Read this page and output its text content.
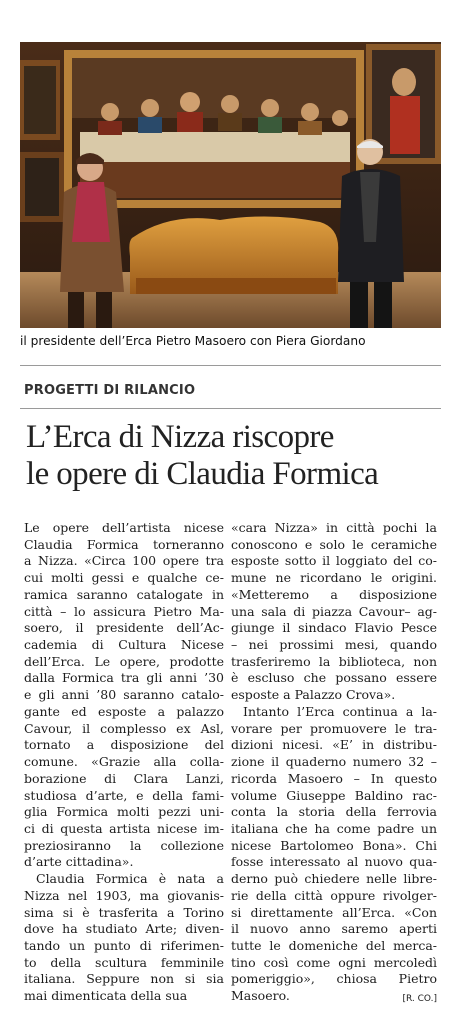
il presidente dell’Erca Pietro Masoero con Piera Giordano
PROGETTI DI RILANCIO
L’Erca di Nizza riscopre
le opere di Claudia Formica
Le opere dell’artista nicese
Claudia Formica torneranno
a Nizza. «Circa 100 opere tra
cui molti gessi e qualche ce-
ramica saranno catalogate in
città – lo assicura Pietro Ma-
soero, il presidente dell’Ac-
cademia di Cultura Nicese
dell’Erca. Le opere, prodotte
dalla Formica tra gli anni ’30
e gli anni ’80 saranno catalo-
gante ed esposte a palazzo
Cavour, il complesso ex Asl,
tornato a disposizione del
comune. «Grazie alla colla-
borazione di Clara Lanzi,
studiosa d’arte, e della fami-
glia Formica molti pezzi uni-
ci di questa artista nicese im-
preziosiranno la collezione
d’arte cittadina».
Claudia Formica è nata a
Nizza nel 1903, ma giovanis-
sima si è trasferita a Torino
dove ha studiato Arte; diven-
tando un punto di riferimen-
to della scultura femminile
italiana. Seppure non si sia
mai dimenticata della sua
«cara Nizza» in città pochi la
conoscono e solo le ceramiche
esposte sotto il loggiato del co-
mune ne ricordano le origini.
«Metteremo a disposizione
una sala di piazza Cavour– ag-
giunge il sindaco Flavio Pesce
– nei prossimi mesi, quando
trasferiremo la biblioteca, non
è escluso che possano essere
esposte a Palazzo Crova».
Intanto l’Erca continua a la-
vorare per promuovere le tra-
dizioni nicesi. «E’ in distribu-
zione il quaderno numero 32 –
ricorda Masoero – In questo
volume Giuseppe Baldino rac-
conta la storia della ferrovia
italiana che ha come padre un
nicese Bartolomeo Bona». Chi
fosse interessato al nuovo qua-
derno può chiedere nelle libre-
rie della città oppure rivolger-
si direttamente all’Erca. «Con
il nuovo anno saremo aperti
tutte le domeniche del merca-
tino così come ogni mercoledì
pomeriggio», chiosa Pietro
Masoero.	[R. CO.]
